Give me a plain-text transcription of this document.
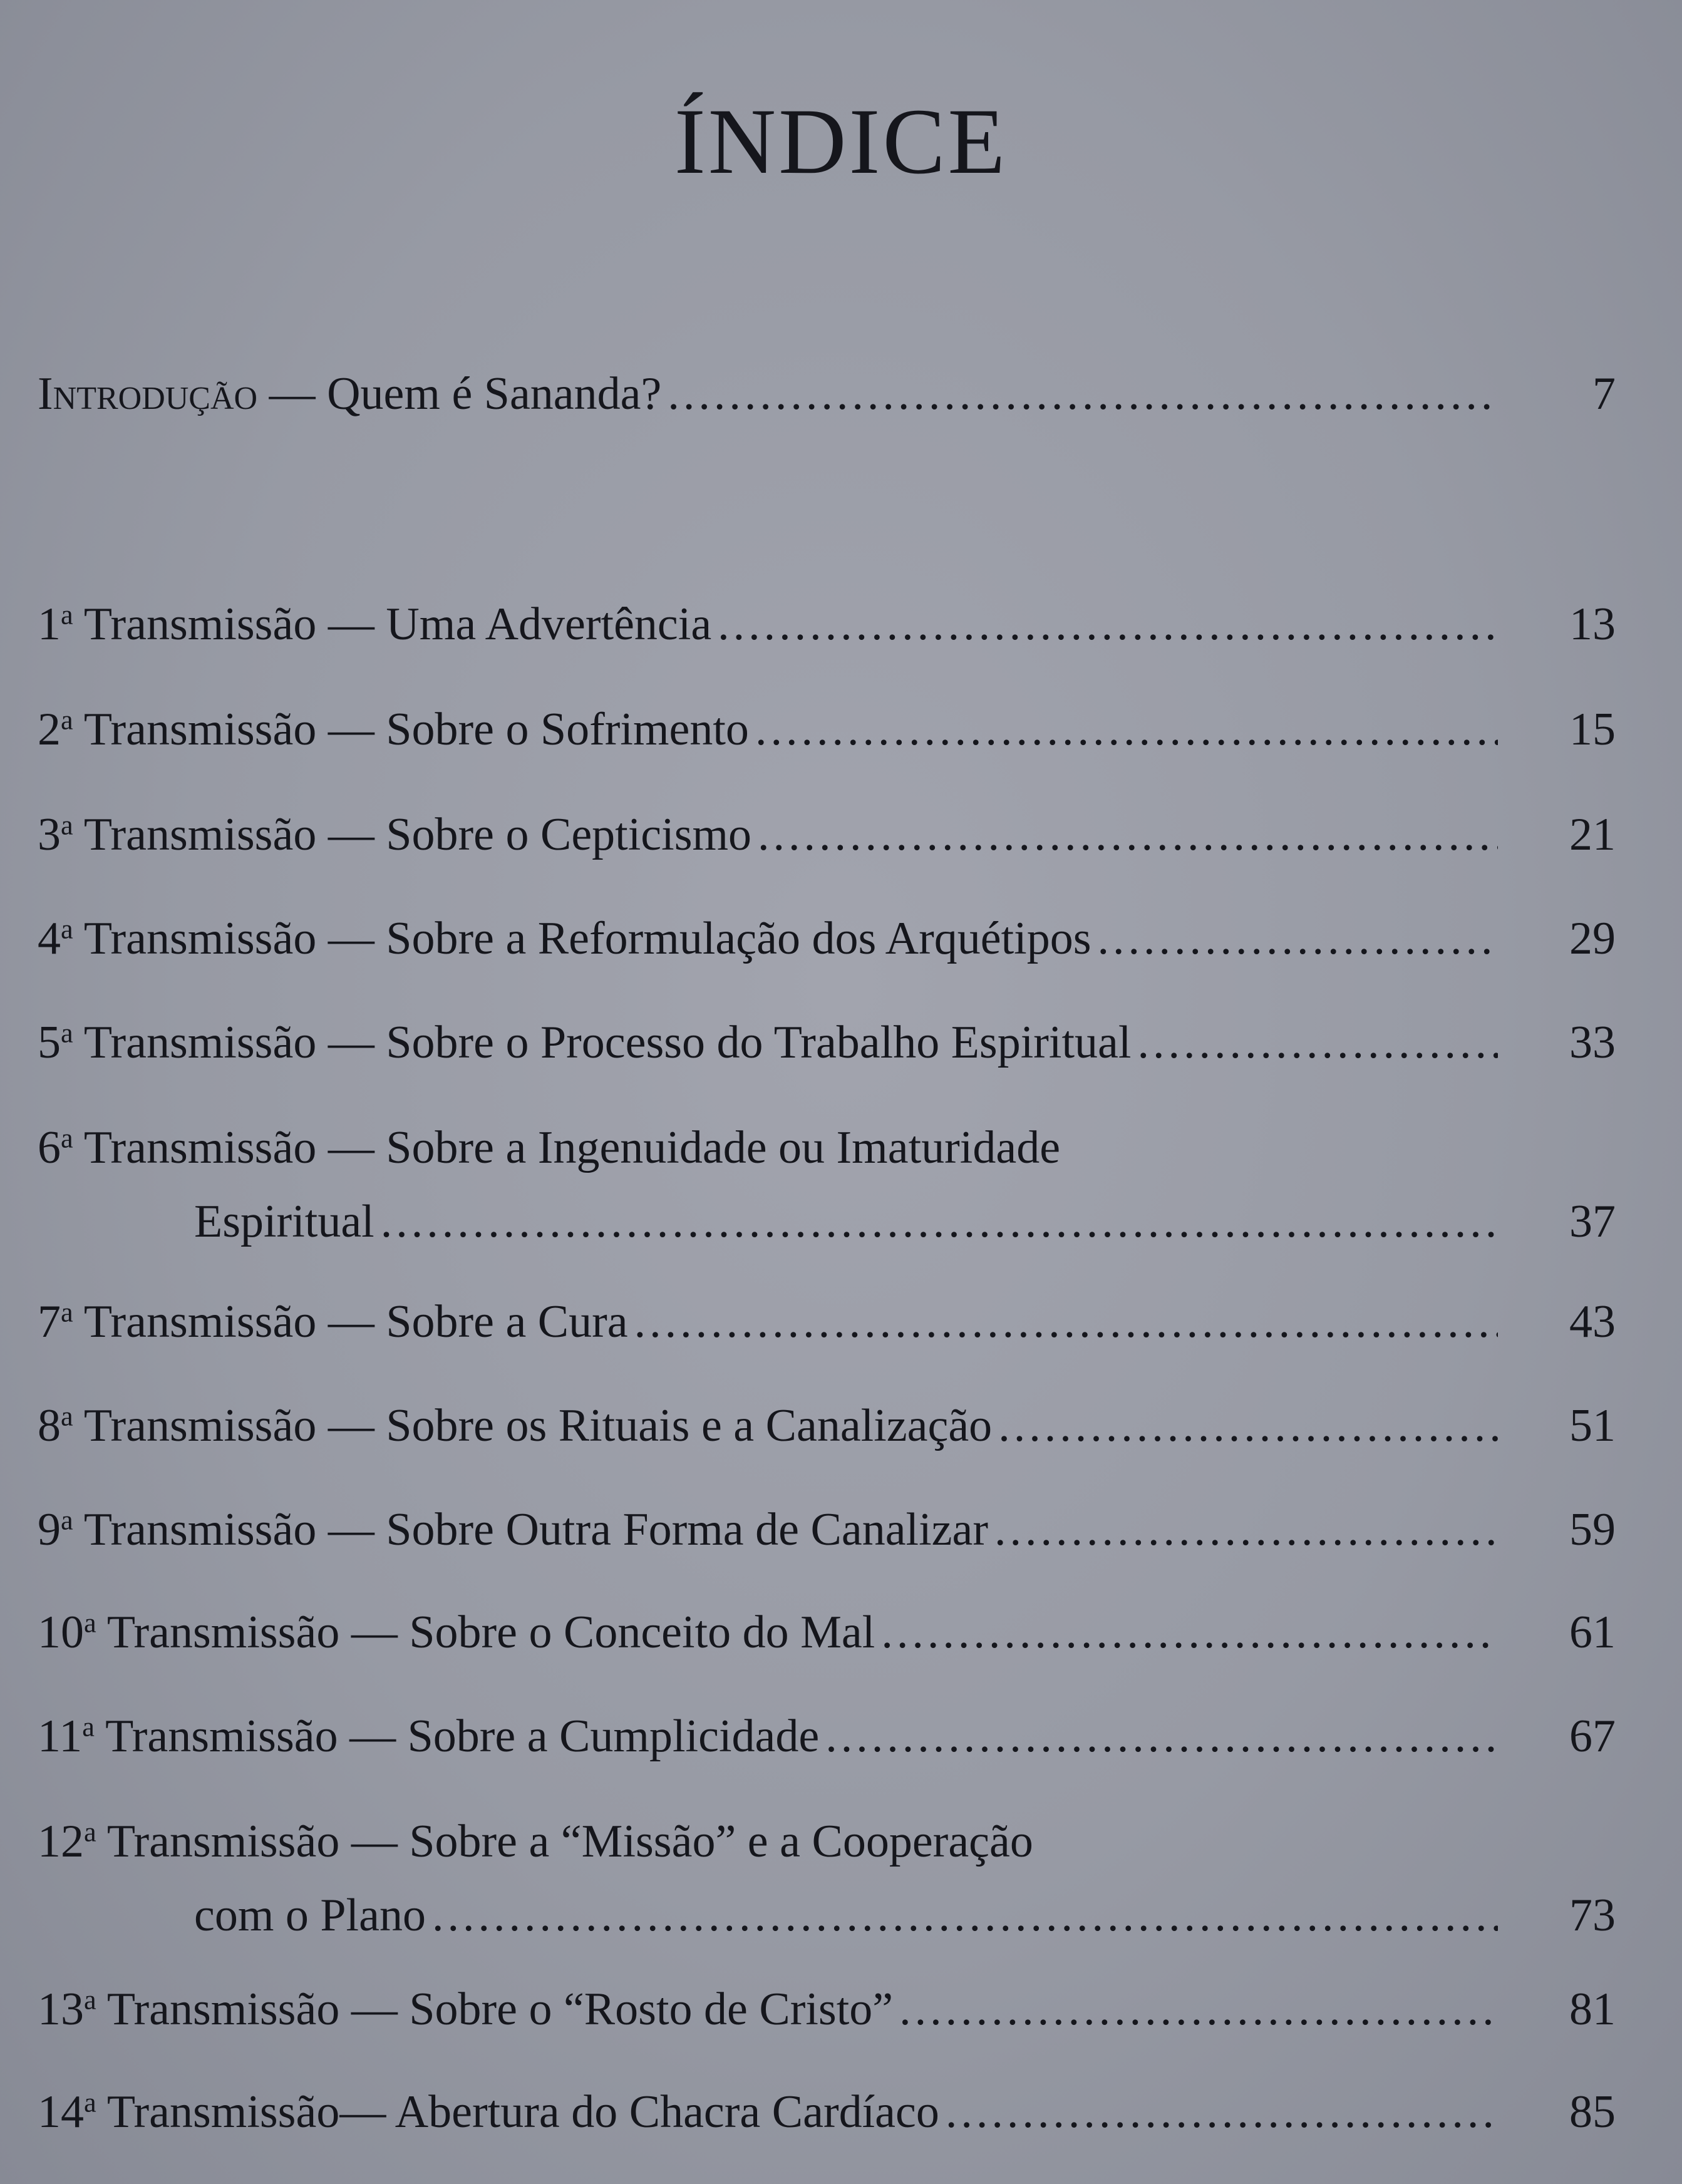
ÍNDICE
Introdução — Quem é Sananda? .....	7
1$^a$ Transmissão — Uma Advertência .....	13
2$^a$ Transmissão — Sobre o Sofrimento .....	15
3$^a$ Transmissão — Sobre o Cepticismo .....	21
4$^a$ Transmissão — Sobre a Reformulação dos Arquétipos .....	29
5$^a$ Transmissão — Sobre o Processo do Trabalho Espiritual .....	33
6$^a$ Transmissão — Sobre a Ingenuidade ou Imaturidade
Espiritual .....	37
7$^a$ Transmissão — Sobre a Cura .....	43
8$^a$ Transmissão — Sobre os Rituais e a Canalização .....	51
9$^a$ Transmissão — Sobre Outra Forma de Canalizar .....	59
10$^a$ Transmissão — Sobre o Conceito do Mal .....	61
11$^a$ Transmissão — Sobre a Cumplicidade .....	67
12$^a$ Transmissão — Sobre a “Missão” e a Cooperação
com o Plano .....	73
13$^a$ Transmissão — Sobre o “Rosto de Cristo” .....	81
14$^a$ Transmissão— Abertura do Chacra Cardíaco .....	85
